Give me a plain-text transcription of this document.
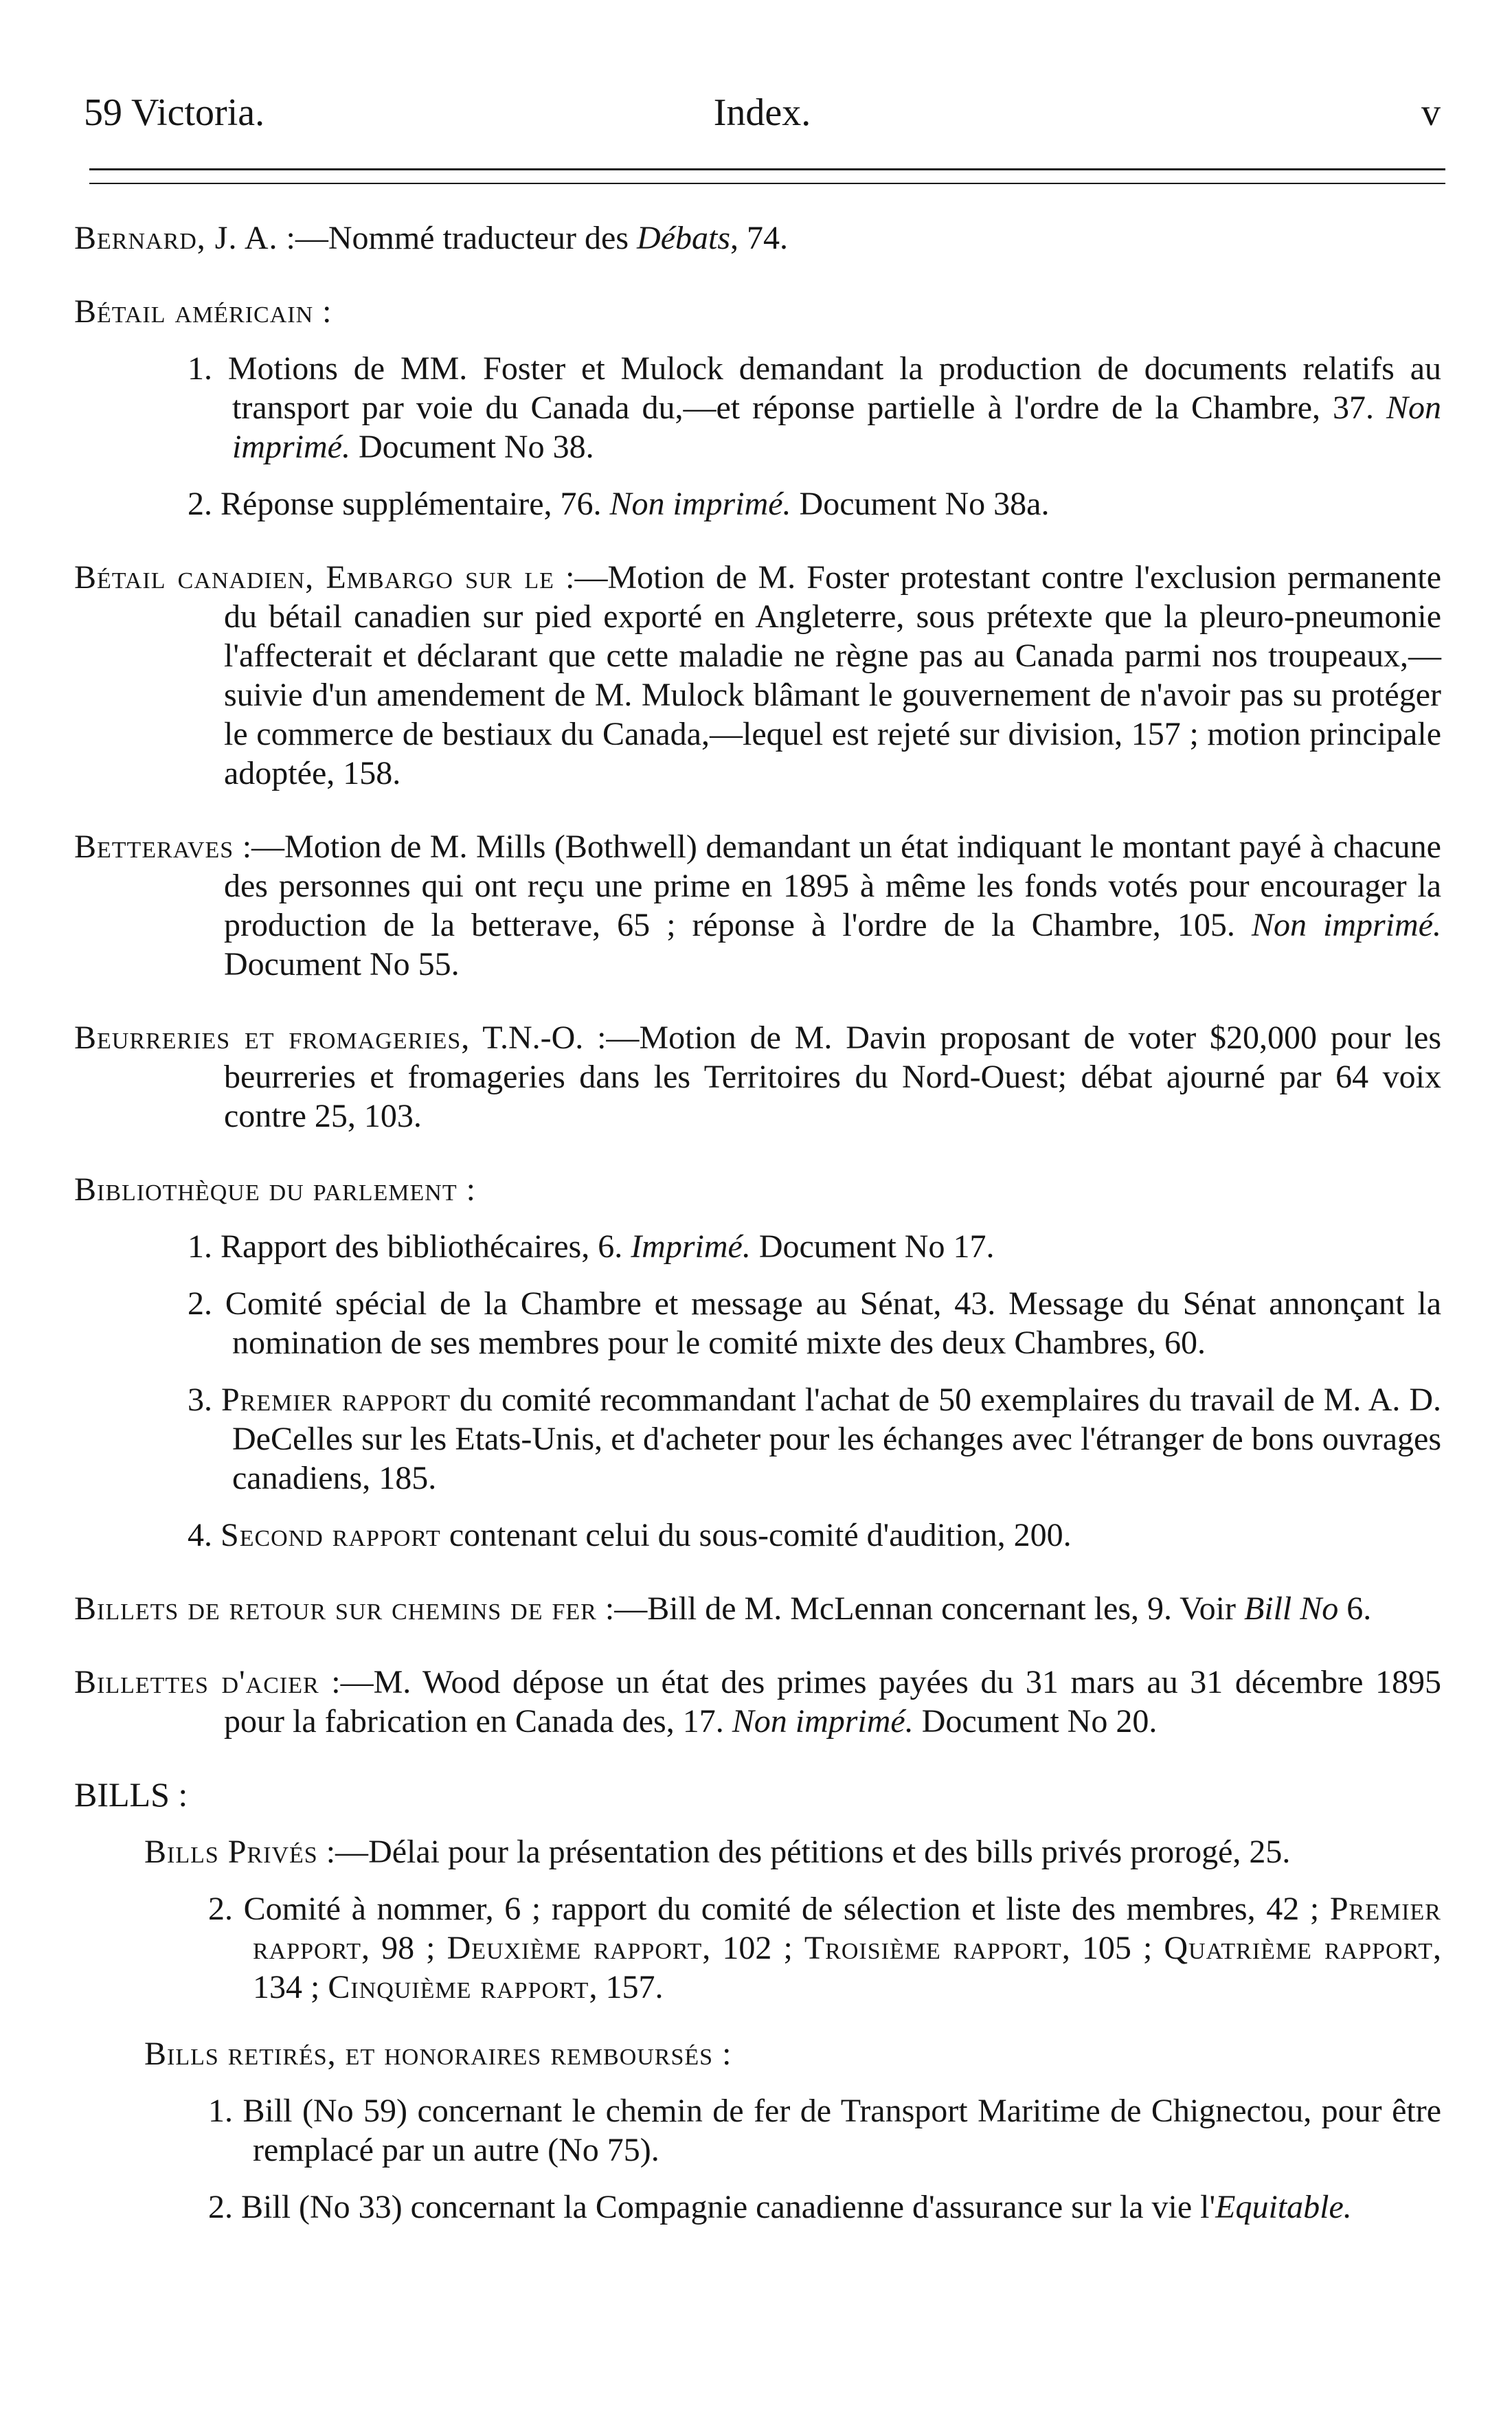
59 Victoria.	Index.	v
Bernard, J. A. :—Nommé traducteur des Débats, 74.
Bétail américain :
1. Motions de MM. Foster et Mulock demandant la production de documents relatifs au transport par voie du Canada du,—et réponse partielle à l'ordre de la Chambre, 37. Non imprimé. Document No 38.
2. Réponse supplémentaire, 76. Non imprimé. Document No 38a.
Bétail canadien, Embargo sur le :—Motion de M. Foster protestant contre l'exclusion permanente du bétail canadien sur pied exporté en Angleterre, sous prétexte que la pleuro-pneumonie l'affecterait et déclarant que cette maladie ne règne pas au Canada parmi nos troupeaux,—suivie d'un amendement de M. Mulock blâmant le gouvernement de n'avoir pas su protéger le commerce de bestiaux du Canada,—lequel est rejeté sur division, 157 ; motion principale adoptée, 158.
Betteraves :—Motion de M. Mills (Bothwell) demandant un état indiquant le montant payé à chacune des personnes qui ont reçu une prime en 1895 à même les fonds votés pour encourager la production de la betterave, 65 ; réponse à l'ordre de la Chambre, 105. Non imprimé. Document No 55.
Beurreries et fromageries, T.N.-O. :—Motion de M. Davin proposant de voter $20,000 pour les beurreries et fromageries dans les Territoires du Nord-Ouest; débat ajourné par 64 voix contre 25, 103.
Bibliothèque du parlement :
1. Rapport des bibliothécaires, 6. Imprimé. Document No 17.
2. Comité spécial de la Chambre et message au Sénat, 43. Message du Sénat annonçant la nomination de ses membres pour le comité mixte des deux Chambres, 60.
3. Premier rapport du comité recommandant l'achat de 50 exemplaires du travail de M. A. D. DeCelles sur les Etats-Unis, et d'acheter pour les échanges avec l'étranger de bons ouvrages canadiens, 185.
4. Second rapport contenant celui du sous-comité d'audition, 200.
Billets de retour sur chemins de fer :—Bill de M. McLennan concernant les, 9. Voir Bill No 6.
Billettes d'acier :—M. Wood dépose un état des primes payées du 31 mars au 31 décembre 1895 pour la fabrication en Canada des, 17. Non imprimé. Document No 20.
BILLS :
Bills Privés :—Délai pour la présentation des pétitions et des bills privés prorogé, 25.
2. Comité à nommer, 6 ; rapport du comité de sélection et liste des membres, 42 ; Premier rapport, 98 ; Deuxième rapport, 102 ; Troisième rapport, 105 ; Quatrième rapport, 134 ; Cinquième rapport, 157.
Bills retirés, et honoraires remboursés :
1. Bill (No 59) concernant le chemin de fer de Transport Maritime de Chignectou, pour être remplacé par un autre (No 75).
2. Bill (No 33) concernant la Compagnie canadienne d'assurance sur la vie l'Equitable.
